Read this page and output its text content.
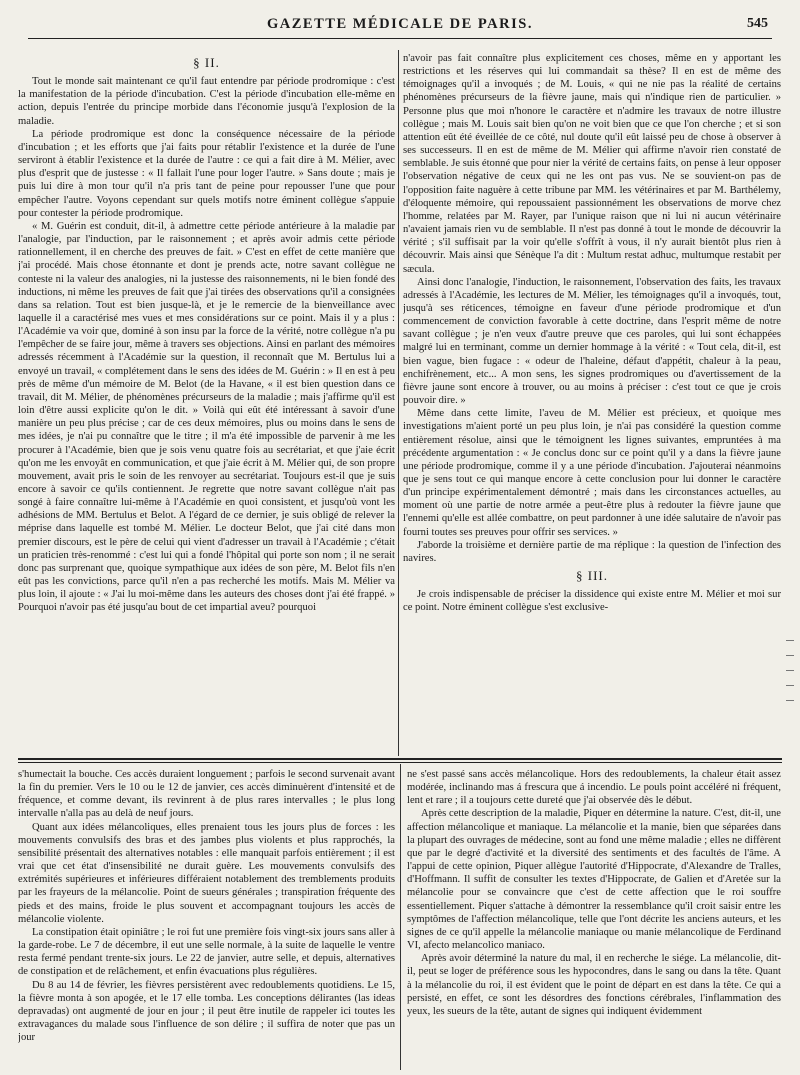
GAZETTE MÉDICALE DE PARIS.	545
§ II.

Tout le monde sait maintenant ce qu'il faut entendre par période prodromique : c'est la manifestation de la période d'incubation. C'est la période d'incubation elle-même en action, depuis l'entrée du principe morbide dans l'économie jusqu'à l'explosion de la maladie.

La période prodromique est donc la conséquence nécessaire de la période d'incubation ; et les efforts que j'ai faits pour rétablir l'existence et la durée de l'une serviront à établir l'existence et la durée de l'autre : ce qui a fait dire à M. Mélier, avec plus d'esprit que de justesse : « Il fallait l'une pour loger l'autre. » Sans doute ; mais je puis lui dire à mon tour qu'il n'a pris tant de peine pour repousser l'une que pour empêcher l'autre. Voyons cependant sur quels motifs notre éminent collègue s'appuie pour contester la période prodromique.

« M. Guérin est conduit, dit-il, à admettre cette période antérieure à la maladie par l'analogie, par l'induction, par le raisonnement ; et après avoir admis cette période rationnellement, il en cherche des preuves de fait. » C'est en effet de cette manière que j'ai procédé. Mais chose étonnante et dont je prends acte, notre savant collègue ne conteste ni la valeur des analogies, ni la justesse des raisonnements, ni le bien fondé des inductions, ni même les preuves de fait que j'ai tirées des observations qu'il a consignées dans sa relation. Tout est bien jusque-là, et je le remercie de la bienveillance avec laquelle il a caractérisé mes vues et mes considérations sur ce point. Mais il y a plus : l'Académie va voir que, dominé à son insu par la force de la vérité, notre collègue n'a pu l'empêcher de se faire jour, même à travers ses objections. Ainsi en parlant des mémoires adressés récemment à l'Académie sur la question, il reconnaît que M. Bertulus lui a envoyé un travail, « complétement dans le sens des idées de M. Guérin : » Il en est à peu près de même d'un mémoire de M. Belot (de la Havane, « il est bien question dans ce travail, dit M. Mélier, de phénomènes précurseurs de la maladie ; mais j'affirme qu'il est loin d'être aussi explicite qu'on le dit. » Voilà qui eût été intéressant à savoir d'une manière un peu plus précise ; car de ces deux mémoires, plus ou moins dans le sens de mes idées, je n'ai pu connaître que le titre ; il m'a été impossible de parvenir à me les procurer à l'Académie, bien que je sois venu quatre fois au secrétariat, et que j'aie écrit qu'on me les envoyât en communication, et que j'aie écrit à M. Mélier qui, de son propre mouvement, avait pris le soin de les renvoyer au secrétariat. Toujours est-il que je suis encore à savoir ce qu'ils contiennent. Je regrette que notre savant collègue n'ait pas songé à faire connaître lui-même à l'Académie en quoi consistent, et jusqu'où vont les adhésions de MM. Bertulus et Belot. A l'égard de ce dernier, je suis obligé de relever la méprise dans laquelle est tombé M. Mélier. Le docteur Belot, que j'ai cité dans mon premier discours, est le père de celui qui vient d'adresser un travail à l'Académie ; c'était un praticien très-renommé : c'est lui qui a fondé l'hôpital qui porte son nom ; il ne serait donc pas surprenant que, quoique sympathique aux idées de son père, M. Belot fils n'en eût pas les convictions, parce qu'il n'en a pas recherché les motifs. Mais M. Mélier va plus loin, il ajoute : « J'ai lu moi-même dans les auteurs des choses dont j'ai été frappé. » Pourquoi n'avoir pas été jusqu'au bout de cet impartial aveu? pourquoi

n'avoir pas fait connaître plus explicitement ces choses, même en y apportant les restrictions et les réserves qui lui commandait sa thèse? Il en est de même des témoignages qu'il a invoqués ; de M. Louis, « qui ne nie pas la réalité de certains phénomènes précurseurs de la fièvre jaune, mais qui n'indique rien de particulier. » Personne plus que moi n'honore le caractère et n'admire les travaux de notre illustre collègue ; mais M. Louis sait bien qu'on ne voit bien que ce que l'on cherche ; et si son attention eût été éveillée de ce côté, nul doute qu'il eût laissé peu de chose à observer à ses successeurs. Il en est de même de M. Mélier qui affirme n'avoir rien constaté de semblable. Je suis étonné que pour nier la vérité de certains faits, on pense à leur opposer l'observation négative de ceux qui ne les ont pas vus. Ne se souvient-on pas de l'opposition faite naguère à cette tribune par MM. les vétérinaires et par M. Barthélemy, d'éloquente mémoire, qui repoussaient passionnément les observations de morve chez l'homme, relatées par M. Rayer, par l'unique raison que ni lui ni aucun vétérinaire n'avaient jamais rien vu de semblable. Il n'est pas donné à tout le monde de découvrir la vérité ; s'il suffisait par la voir qu'elle s'offrît à vous, il n'y aurait bientôt plus rien à découvrir. Mais ainsi que Sénèque l'a dit : Multum restat adhuc, multumque restabit per sæcula.

Ainsi donc l'analogie, l'induction, le raisonnement, l'observation des faits, les travaux adressés à l'Académie, les lectures de M. Mélier, les témoignages qu'il a invoqués, tout, jusqu'à ses réticences, témoigne en faveur d'une période prodromique et d'un commencement de conviction favorable à cette doctrine, dans l'esprit même de notre savant collègue ; je n'en veux d'autre preuve que ces paroles, qui lui sont échappées malgré lui en terminant, comme un dernier hommage à la vérité : « Tout cela, dit-il, est bien vague, bien fugace : « odeur de l'haleine, défaut d'appétit, chaleur à la peau, enchifrènement, etc... A mon sens, les signes prodromiques ou d'avertissement de la fièvre jaune sont encore à trouver, ou au moins à préciser : c'est tout ce que je crois pouvoir dire. »

Même dans cette limite, l'aveu de M. Mélier est précieux, et quoique mes investigations m'aient porté un peu plus loin, je n'ai pas considéré la question comme entièrement résolue, ainsi que le témoignent les lignes suivantes, empruntées à ma précédente argumentation : « Je conclus donc sur ce point qu'il y a dans la fièvre jaune une période prodromique, comme il y a une période d'incubation. J'ajouterai néanmoins que je sens tout ce qui manque encore à cette conclusion pour lui donner le caractère d'un principe expérimentalement démontré ; mais dans les circonstances actuelles, au moment où une partie de notre armée a peut-être plus à redouter la fièvre jaune que l'ennemi qu'elle est allée combattre, on peut pardonner à une idée salutaire de n'avoir pas fourni toutes ses preuves pour offrir ses services. »

J'aborde la troisième et dernière partie de ma réplique : la question de l'infection des navires.

§ III.

Je crois indispensable de préciser la dissidence qui existe entre M. Mélier et moi sur ce point. Notre éminent collègue s'est exclusive-

s'humectait la bouche. Ces accès duraient longuement ; parfois le second survenait avant la fin du premier. Vers le 10 ou le 12 de janvier, ces accès diminuèrent d'intensité et de fréquence, et comme devant, ils revinrent à de plus rares intervalles ; le plus long intervalle n'alla pas au delà de neuf jours.

Quant aux idées mélancoliques, elles prenaient tous les jours plus de forces : les mouvements convulsifs des bras et des jambes plus violents et plus rapprochés, la sensibilité présentait des alternatives notables : elle manquait parfois entièrement ; il est vrai que cet état d'insensibilité ne durait guère. Les mouvements convulsifs des extrémités supérieures et inférieures différaient notablement des tremblements produits par les frayeurs de la mélancolie. Point de sueurs générales ; transpiration fréquente des pieds et des mains, froide le plus souvent et accompagnant toujours les accès de mélancolie violente.

La constipation était opiniâtre ; le roi fut une première fois vingt-six jours sans aller à la garde-robe. Le 7 de décembre, il eut une selle normale, à la suite de laquelle le ventre resta fermé pendant trente-six jours. Le 22 de janvier, autre selle, et depuis, alternatives de constipation et de relâchement, et enfin évacuations plus régulières.

Du 8 au 14 de février, les fièvres persistèrent avec redoublements quotidiens. Le 15, la fièvre monta à son apogée, et le 17 elle tomba. Les conceptions délirantes (las ideas depravadas) ont augmenté de jour en jour ; il peut être inutile de rappeler ici toutes les extravagances du malade sous l'influence de son délire ; il suffira de noter que pas un jour

ne s'est passé sans accès mélancolique. Hors des redoublements, la chaleur était assez modérée, inclinando mas á frescura que á incendio. Le pouls point accéléré ni fréquent, lent et rare ; il a toujours cette dureté que j'ai observée dès le début.

Après cette description de la maladie, Piquer en détermine la nature. C'est, dit-il, une affection mélancolique et maniaque. La mélancolie et la manie, bien que séparées dans la plupart des ouvrages de médecine, sont au fond une même maladie ; elles ne diffèrent que par le degré d'activité et la diversité des sentiments et des facultés de l'âme. A l'appui de cette opinion, Piquer allègue l'autorité d'Hippocrate, d'Alexandre de Tralles, d'Hoffmann. Il suffit de consulter les textes d'Hippocrate, de Galien et d'Aretée sur la mélancolie pour se convaincre que c'est de cette affection que le roi souffre essentiellement. Piquer s'attache à démontrer la ressemblance qu'il croit saisir entre les symptômes de l'affection mélancolique, telle que l'ont décrite les anciens auteurs, et les signes de ce qu'il appelle la mélancolie maniaque ou manie mélancolique de Ferdinand VI, afecto melancolico maniaco.

Après avoir déterminé la nature du mal, il en recherche le siége. La mélancolie, dit-il, peut se loger de préférence sous les hypocondres, dans le sang ou dans la tête. Quant à la mélancolie du roi, il est évident que le point de départ en est dans la tête. Ce qui a persisté, en effet, ce sont les désordres des fonctions cérébrales, l'inflammation des yeux, les sueurs de la tête, autant de signes qui indiquent évidemment
